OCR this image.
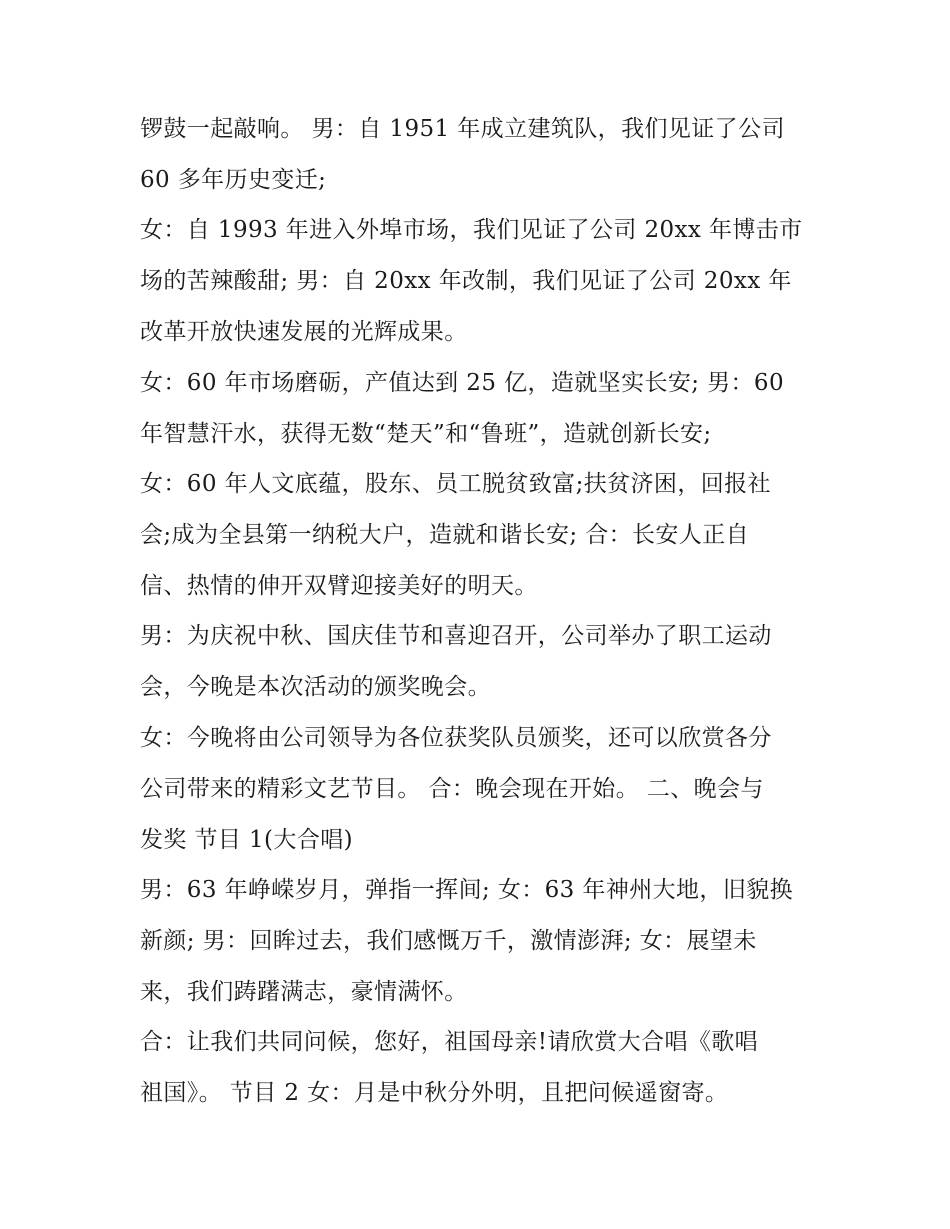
锣鼓一起敲响。 男：自 1951 年成立建筑队，我们见证了公司
60 多年历史变迁;
女：自 1993 年进入外埠市场，我们见证了公司 20xx 年博击市
场的苦辣酸甜; 男：自 20xx 年改制，我们见证了公司 20xx 年
改革开放快速发展的光辉成果。
女：60 年市场磨砺，产值达到 25 亿，造就坚实长安; 男：60
年智慧汗水，获得无数“楚天”和“鲁班”，造就创新长安;
女：60 年人文底蕴，股东、员工脱贫致富;扶贫济困，回报社
会;成为全县第一纳税大户，造就和谐长安; 合：长安人正自
信、热情的伸开双臂迎接美好的明天。
男：为庆祝中秋、国庆佳节和喜迎召开，公司举办了职工运动
会，今晚是本次活动的颁奖晚会。
女：今晚将由公司领导为各位获奖队员颁奖，还可以欣赏各分
公司带来的精彩文艺节目。 合：晚会现在开始。 二、晚会与
发奖 节目 1(大合唱)
男：63 年峥嵘岁月，弹指一挥间; 女：63 年神州大地，旧貌换
新颜; 男：回眸过去，我们感慨万千，激情澎湃; 女：展望未
来，我们踌躇满志，豪情满怀。
合：让我们共同问候，您好，祖国母亲!请欣赏大合唱《歌唱
祖国》。 节目 2 女：月是中秋分外明，且把问候遥窗寄。
